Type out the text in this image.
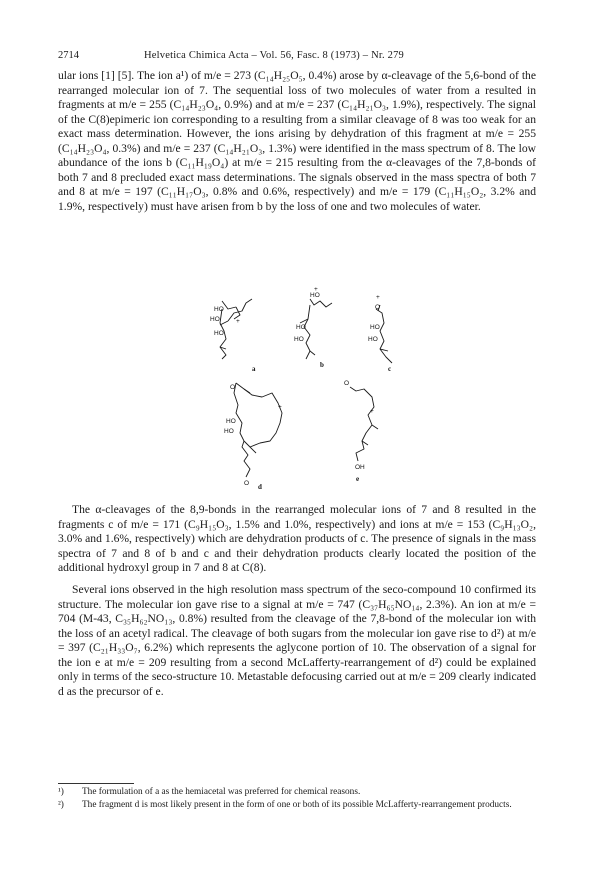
2714	Helvetica Chimica Acta – Vol. 56, Fasc. 8 (1973) – Nr. 279

ular ions [1] [5]. The ion a¹) of m/e = 273 (C₁₄H₂₅O₅, 0.4%) arose by α-cleavage of the 5,6-bond of the rearranged molecular ion of 7. The sequential loss of two molecules of water from a resulted in fragments at m/e = 255 (C₁₄H₂₃O₄, 0.9%) and at m/e = 237 (C₁₄H₂₁O₃, 1.9%), respectively. The signal of the C(8)epimeric ion corresponding to a resulting from a similar cleavage of 8 was too weak for an exact mass determination. However, the ions arising by dehydration of this fragment at m/e = 255 (C₁₄H₂₃O₄, 0.3%) and m/e = 237 (C₁₄H₂₁O₃, 1.3%) were identified in the mass spectrum of 8. The low abundance of the ions b (C₁₁H₁₉O₄) at m/e = 215 resulting from the α-cleavages of the 7,8-bonds of both 7 and 8 precluded exact mass determinations. The signals observed in the mass spectra of both 7 and 8 at m/e = 197 (C₁₁H₁₇O₃, 0.8% and 0.6%, respectively) and m/e = 179 (C₁₁H₁₅O₂, 3.2% and 1.9%, respectively) must have arisen from b by the loss of one and two molecules of water.

HO
HO	+
HO
HO
+
HO
HO
+
O
HO
HO
O
+
HO
HO
O
O
+
OH
a	b	c
d
e

The α-cleavages of the 8,9-bonds in the rearranged molecular ions of 7 and 8 resulted in the fragments c of m/e = 171 (C₉H₁₅O₃, 1.5% and 1.0%, respectively) and ions at m/e = 153 (C₉H₁₃O₂, 3.0% and 1.6%, respectively) which are dehydration products of c. The presence of signals in the mass spectra of 7 and 8 of b and c and their dehydration products clearly located the position of the additional hydroxyl group in 7 and 8 at C(8).

Several ions observed in the high resolution mass spectrum of the seco-compound 10 confirmed its structure. The molecular ion gave rise to a signal at m/e = 747 (C₃₇H₆₅NO₁₄, 2.3%). An ion at m/e = 704 (M-43, C₃₅H₆₂NO₁₃, 0.8%) resulted from the cleavage of the 7,8-bond of the molecular ion with the loss of an acetyl radical. The cleavage of both sugars from the molecular ion gave rise to d²) at m/e = 397 (C₂₁H₃₃O₇, 6.2%) which represents the aglycone portion of 10. The observation of a signal for the ion e at m/e = 209 resulting from a second McLafferty-rearrangement of d²) could be explained only in terms of the seco-structure 10. Metastable defocusing carried out at m/e = 209 clearly indicated d as the precursor of e.

¹) The formulation of a as the hemiacetal was preferred for chemical reasons.
²) The fragment d is most likely present in the form of one or both of its possible McLafferty-rearrangement products.
